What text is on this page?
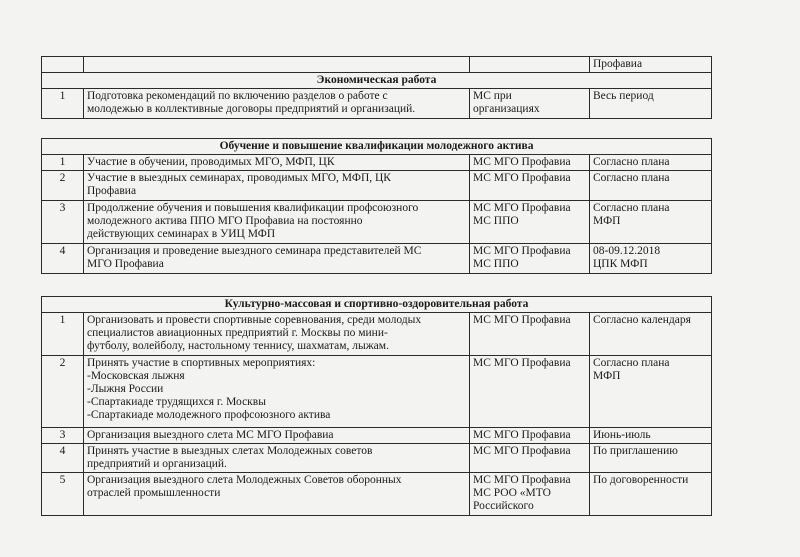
			Профавиа
Экономическая работа			
1	Подготовка рекомендаций по включению разделов о работе с
молодежью в коллективные договоры предприятий и организаций.	МС при
организациях	Весь период
Обучение и повышение квалификации молодежного актива			
1	Участие в обучении, проводимых МГО, МФП, ЦК	МС МГО Профавиа	Согласно плана

2	Участие в выездных семинарах, проводимых МГО, МФП, ЦК
Профавиа	МС МГО Профавиа	Согласно плана

3	Продолжение обучения и повышения квалификации профсоюзного
молодежного актива ППО МГО Профавиа на постоянно
действующих семинарах в УИЦ МФП	МС МГО Профавиа
МС ППО	Согласно плана
МФП

4	Организация и проведение выездного семинара представителей МС
МГО Профавиа	МС МГО Профавиа
МС ППО	08-09.12.2018
ЦПК МФП
Культурно-массовая и спортивно-оздоровительная работа			
1	Организовать и провести спортивные соревнования, среди молодых
специалистов авиационных предприятий г. Москвы по мини-
футболу, волейболу, настольному теннису, шахматам, лыжам.	МС МГО Профавиа	Согласно календаря

2	Принять участие в спортивных мероприятиях:
-Московская лыжня
-Лыжня России
-Спартакиаде трудящихся г. Москвы
-Спартакиаде молодежного профсоюзного актива	МС МГО Профавиа	Согласно плана
МФП

3	Организация выездного слета МС МГО Профавиа	МС МГО Профавиа	Июнь-июль

4	Принять участие в выездных слетах Молодежных советов
предприятий и организаций.	МС МГО Профавиа	По приглашению

5	Организация выездного слета Молодежных Советов оборонных
отраслей промышленности	МС МГО Профавиа
МС РОО «МТО
Российского	По договоренности
